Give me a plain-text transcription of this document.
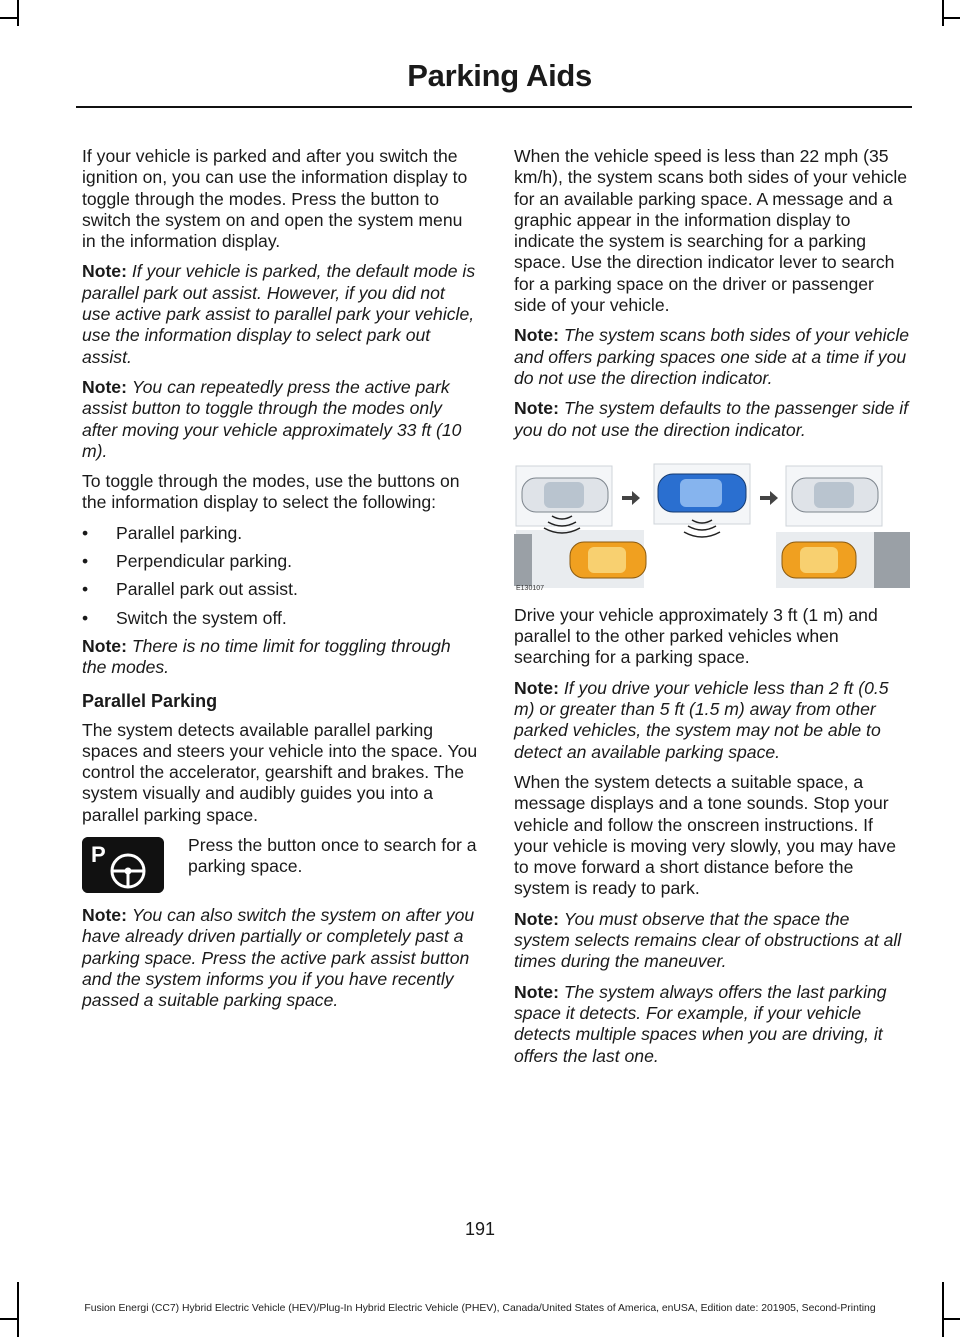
Parking Aids

If your vehicle is parked and after you switch the ignition on, you can use the information display to toggle through the modes. Press the button to switch the system on and open the system menu in the information display.

Note: If your vehicle is parked, the default mode is parallel park out assist. However, if you did not use active park assist to parallel park your vehicle, use the information display to select park out assist.

Note: You can repeatedly press the active park assist button to toggle through the modes only after moving your vehicle approximately 33 ft (10 m).

To toggle through the modes, use the buttons on the information display to select the following:

• Parallel parking.
• Perpendicular parking.
• Parallel park out assist.
• Switch the system off.

Note: There is no time limit for toggling through the modes.

Parallel Parking

The system detects available parallel parking spaces and steers your vehicle into the space. You control the accelerator, gearshift and brakes. The system visually and audibly guides you into a parallel parking space.

P	Press the button once to search for a parking space.

Note: You can also switch the system on after you have already driven partially or completely past a parking space. Press the active park assist button and the system informs you if you have recently passed a suitable parking space.

When the vehicle speed is less than 22 mph (35 km/h), the system scans both sides of your vehicle for an available parking space. A message and a graphic appear in the information display to indicate the system is searching for a parking space. Use the direction indicator lever to search for a parking space on the driver or passenger side of your vehicle.

Note: The system scans both sides of your vehicle and offers parking spaces one side at a time if you do not use the direction indicator.

Note: The system defaults to the passenger side if you do not use the direction indicator.

E130107

Drive your vehicle approximately 3 ft (1 m) and parallel to the other parked vehicles when searching for a parking space.

Note: If you drive your vehicle less than 2 ft (0.5 m) or greater than 5 ft (1.5 m) away from other parked vehicles, the system may not be able to detect an available parking space.

When the system detects a suitable space, a message displays and a tone sounds. Stop your vehicle and follow the onscreen instructions. If your vehicle is moving very slowly, you may have to move forward a short distance before the system is ready to park.

Note: You must observe that the space the system selects remains clear of obstructions at all times during the maneuver.

Note: The system always offers the last parking space it detects. For example, if your vehicle detects multiple spaces when you are driving, it offers the last one.

191
Fusion Energi (CC7) Hybrid Electric Vehicle (HEV)/Plug-In Hybrid Electric Vehicle (PHEV), Canada/United States of America, enUSA, Edition date: 201905, Second-Printing
